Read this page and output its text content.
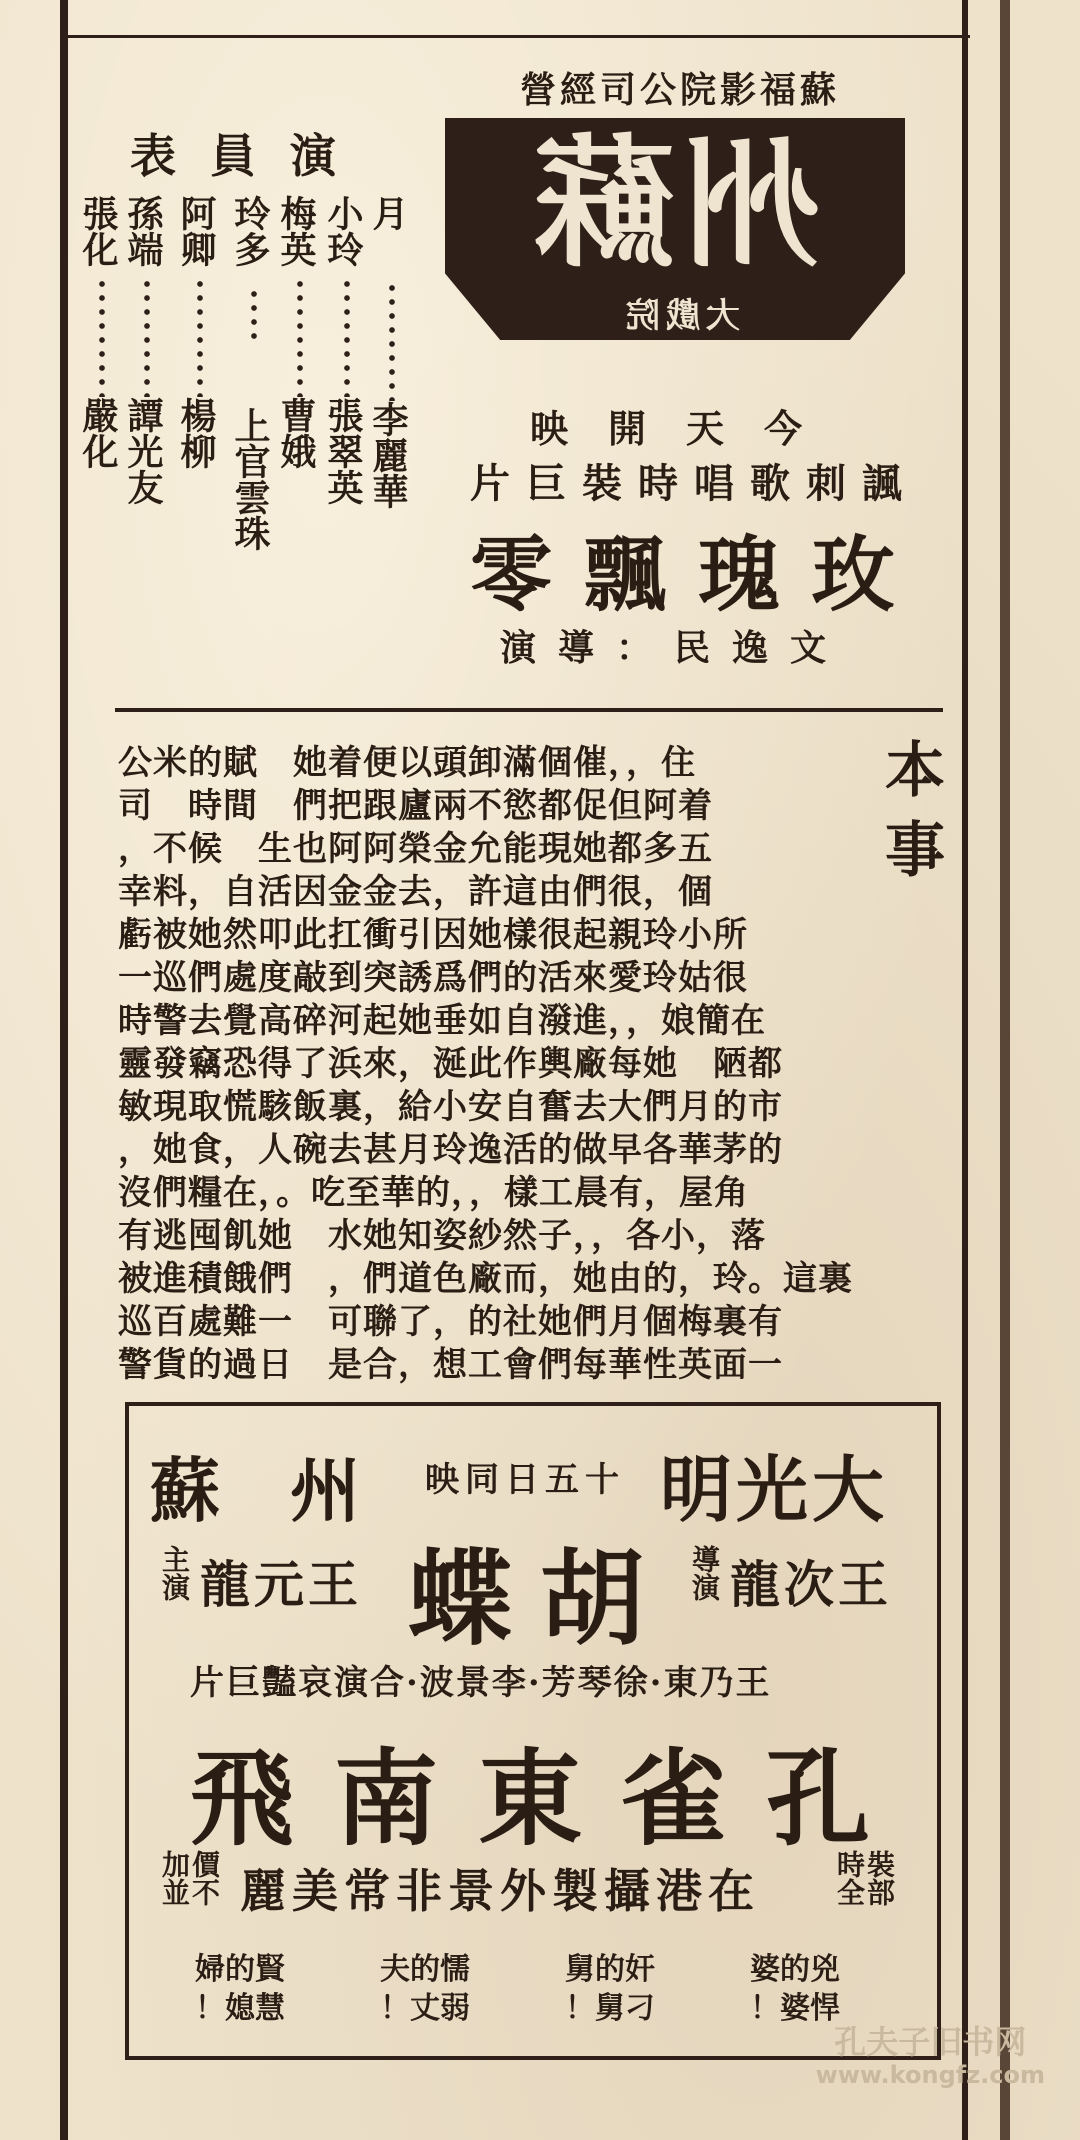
營經司公院影福蘇
州蘇
大戲院
表員演
月
李麗華
小玲
張翠英
梅英
曹娥
玲多
上官雲珠
阿卿
楊柳
孫端
譚光友
張化
嚴化	映開天今
片巨裝時唱歌刺諷
零飄瑰玫
演導：民逸文
本事
公米的賦　她着便以頭卸滿個催，，住
司　時間　們把跟廬兩不慾都促但阿着
，不候　生也阿阿榮金允能現她都多五
幸料，自活因金金去，許這由們很，個
虧被她然叩此扛衝引因她樣很起親玲小所
一巡們處度敲到突誘爲們的活來愛玲姑很
時警去覺高碎河起她垂如自潑進，，娘簡在
靈發竊恐得了浜來，涎此作輿廠每她　陋都
敏現取慌駭飯裏，給小安自奮去大們月的市
，她食，人碗去甚月玲逸活的做早各華茅的
沒們糧在，。吃至華的，，樣工晨有，屋角
有逃囤飢她　水她知姿紗然子，，各小，落
被進積餓們　，們道色廠而，她由的，玲。這裏
巡百處難一　可聯了，的社她們月個梅裏有
警貨的過日　是合，想工會們每華性英面一
蘇州
映同日五十 明光大
主演 龍元王 蝶胡 導演 龍次王
片巨豔哀演合·波景李·芳琴徐·東乃王
飛南東雀孔
加並
價不 麗美常非景外製攝港在	時全
裝部
婆的兇
！婆悍
舅的奸
！舅刁
夫的懦
！丈弱
婦的賢
！媳慧
孔夫子旧书网
www.kongfz.com
